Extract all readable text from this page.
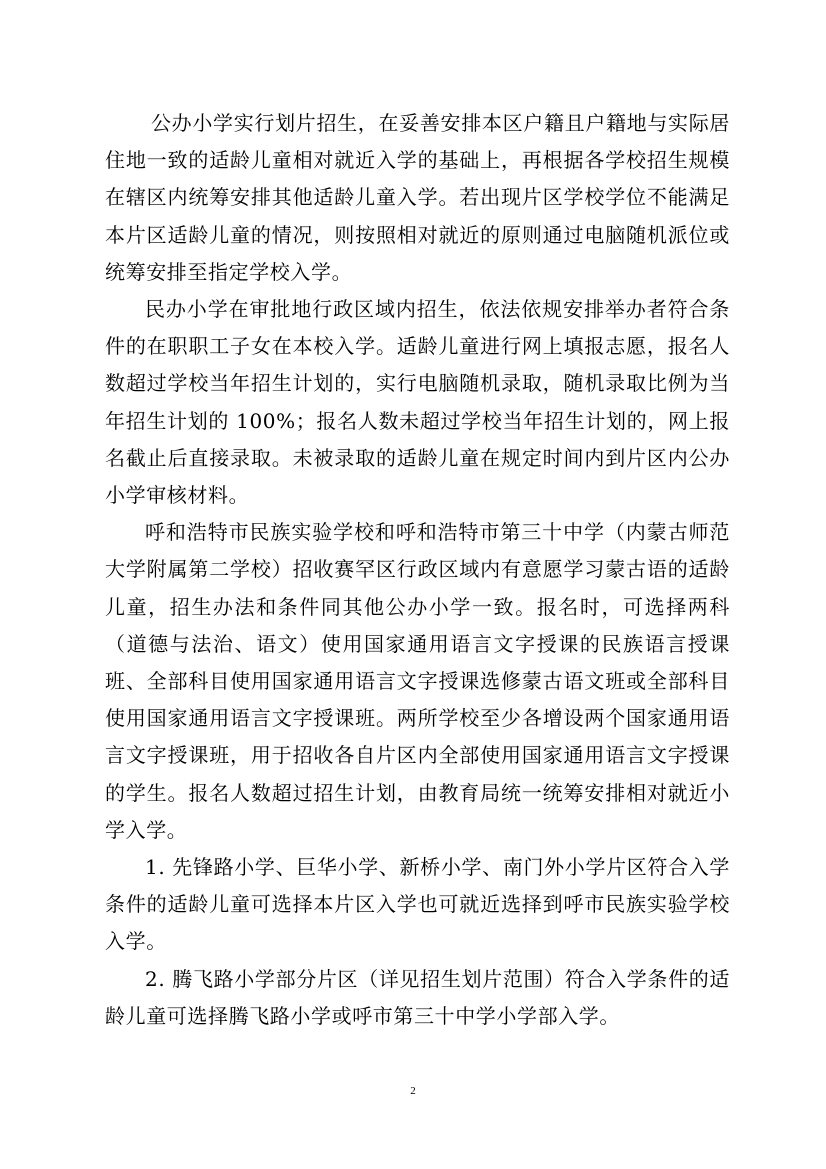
公办小学实行划片招生，在妥善安排本区户籍且户籍地与实际居住地一致的适龄儿童相对就近入学的基础上，再根据各学校招生规模在辖区内统筹安排其他适龄儿童入学。若出现片区学校学位不能满足本片区适龄儿童的情况，则按照相对就近的原则通过电脑随机派位或统筹安排至指定学校入学。

民办小学在审批地行政区域内招生，依法依规安排举办者符合条件的在职职工子女在本校入学。适龄儿童进行网上填报志愿，报名人数超过学校当年招生计划的，实行电脑随机录取，随机录取比例为当年招生计划的 100%；报名人数未超过学校当年招生计划的，网上报名截止后直接录取。未被录取的适龄儿童在规定时间内到片区内公办小学审核材料。

呼和浩特市民族实验学校和呼和浩特市第三十中学（内蒙古师范大学附属第二学校）招收赛罕区行政区域内有意愿学习蒙古语的适龄儿童，招生办法和条件同其他公办小学一致。报名时，可选择两科（道德与法治、语文）使用国家通用语言文字授课的民族语言授课班、全部科目使用国家通用语言文字授课选修蒙古语文班或全部科目使用国家通用语言文字授课班。两所学校至少各增设两个国家通用语言文字授课班，用于招收各自片区内全部使用国家通用语言文字授课的学生。报名人数超过招生计划，由教育局统一统筹安排相对就近小学入学。

1. 先锋路小学、巨华小学、新桥小学、南门外小学片区符合入学条件的适龄儿童可选择本片区入学也可就近选择到呼市民族实验学校入学。

2. 腾飞路小学部分片区（详见招生划片范围）符合入学条件的适龄儿童可选择腾飞路小学或呼市第三十中学小学部入学。

2
